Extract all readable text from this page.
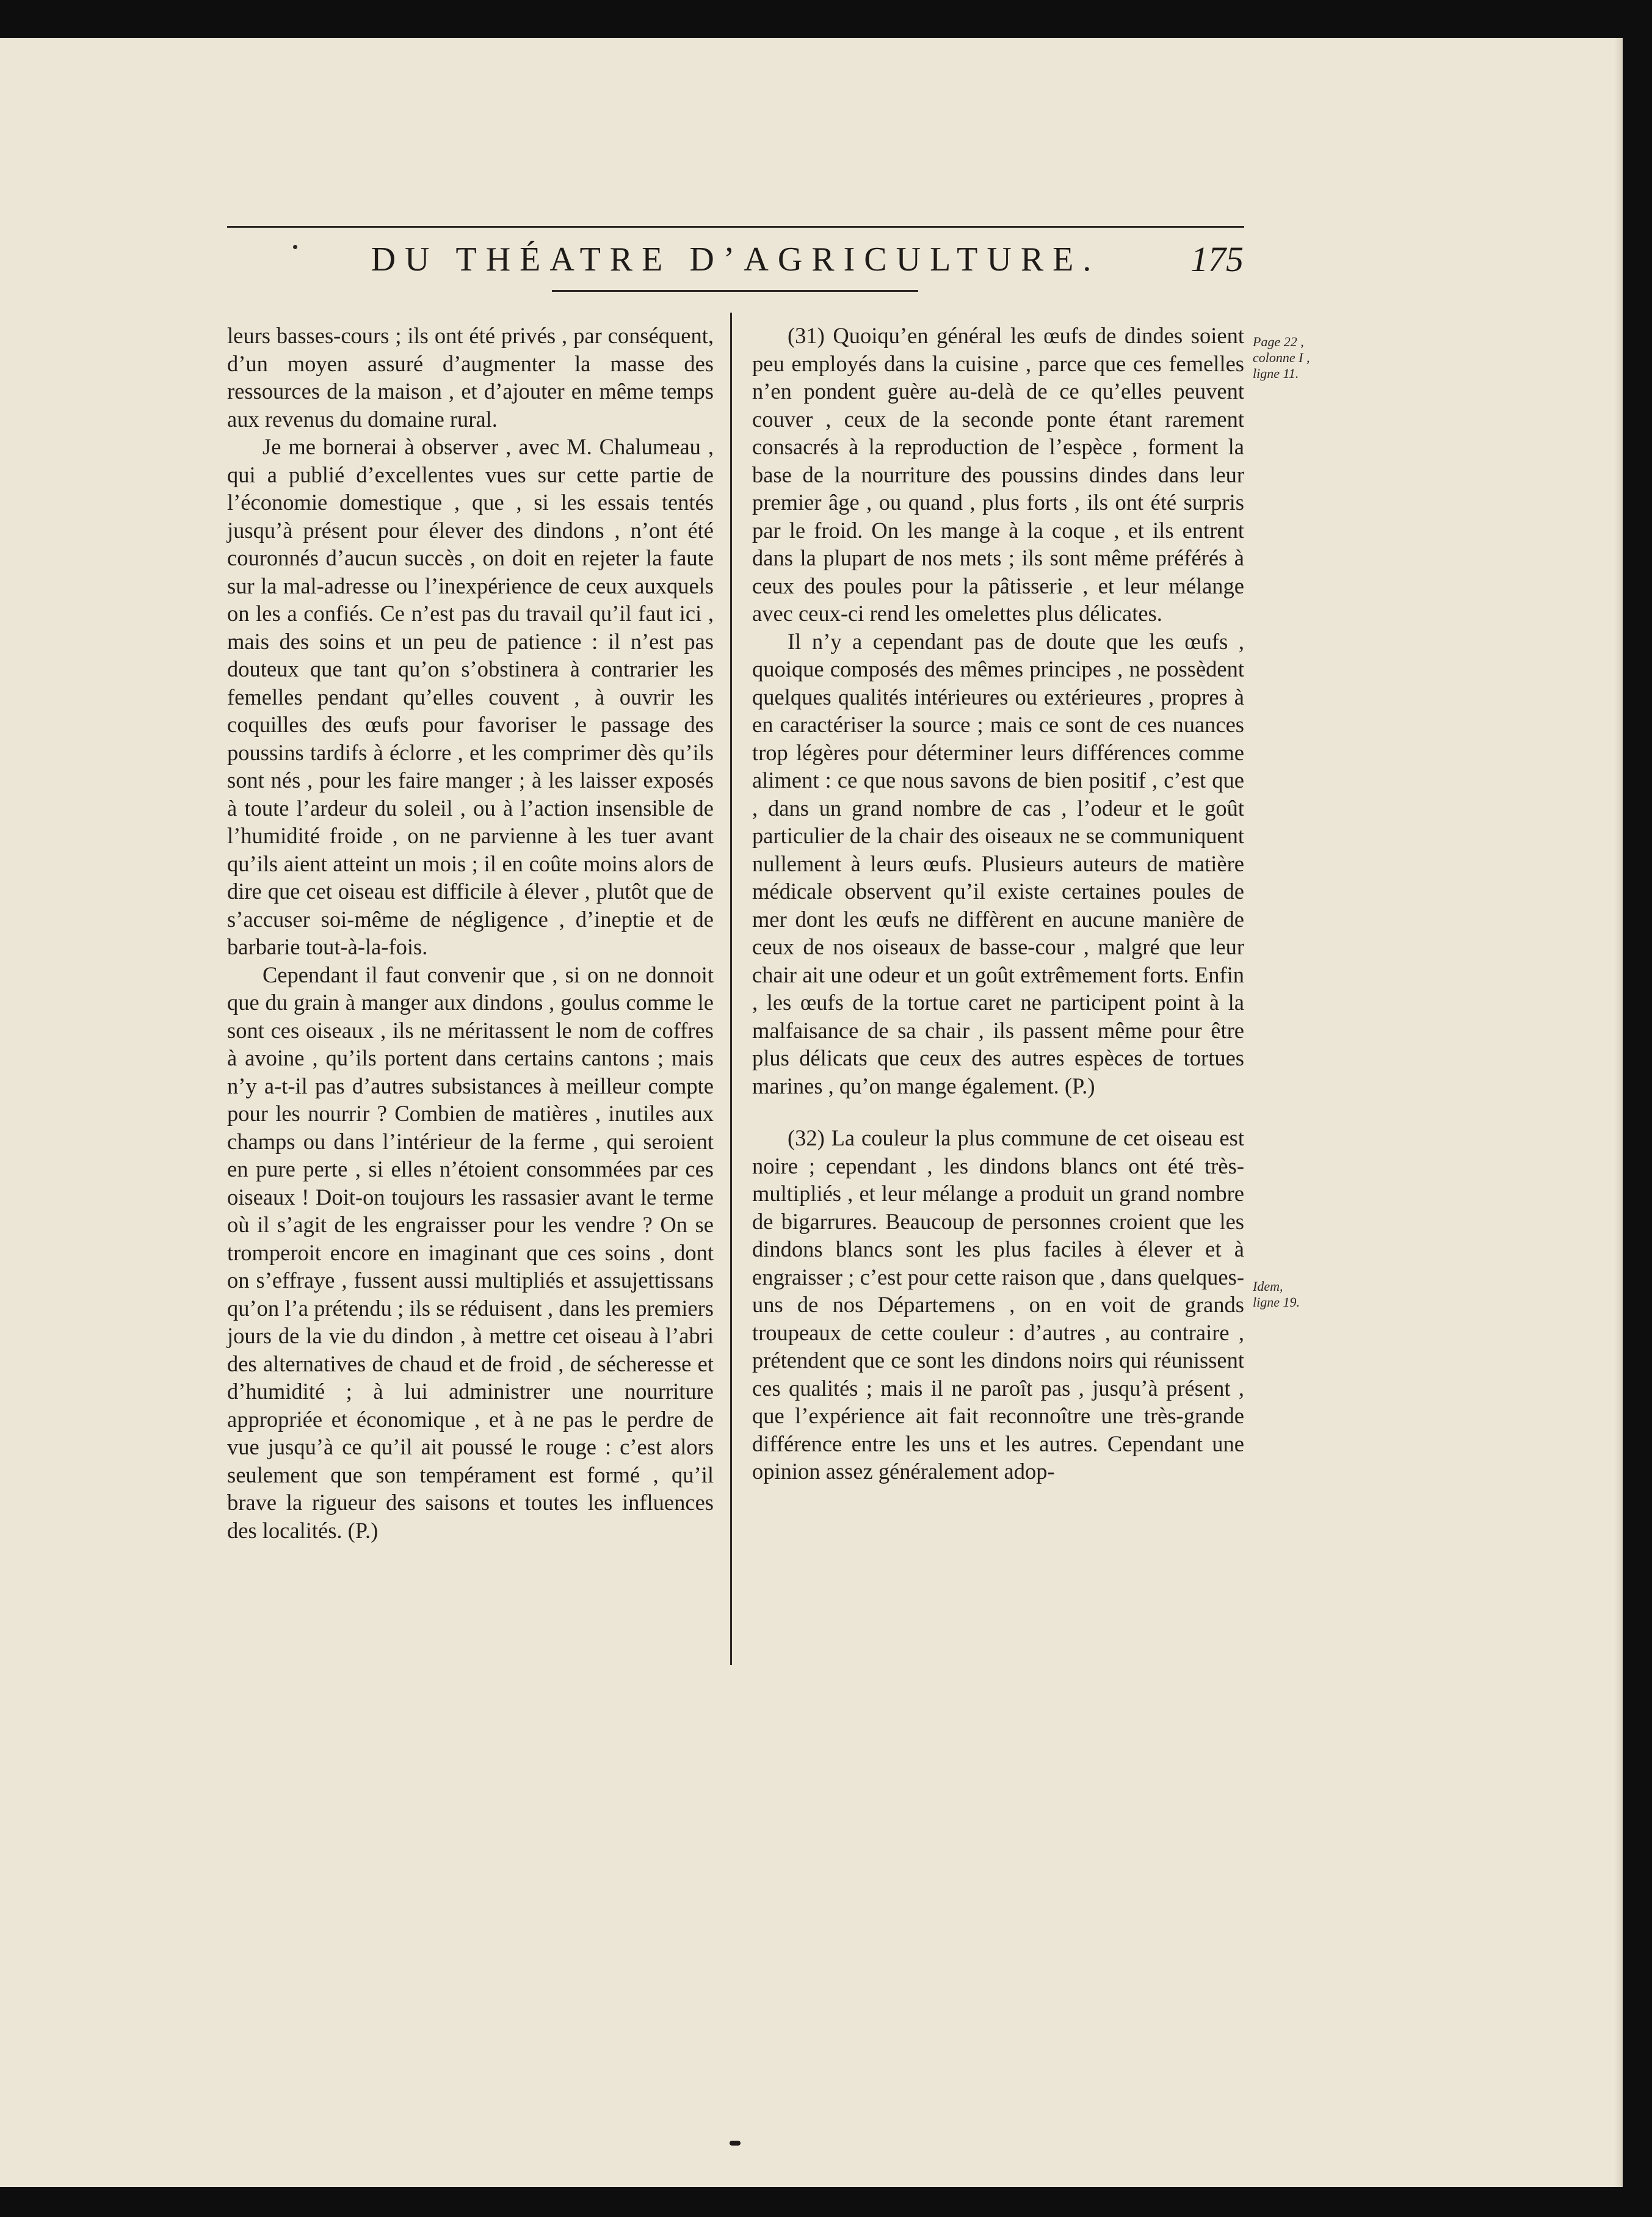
DU THÉATRE D’AGRICULTURE.	175

leurs basses-cours ; ils ont été privés , par conséquent, d’un moyen assuré d’augmenter la masse des ressources de la maison , et d’ajouter en même temps aux revenus du domaine rural.

Je me bornerai à observer , avec M. Chalumeau , qui a publié d’excellentes vues sur cette partie de l’économie domestique , que , si les essais tentés jusqu’à présent pour élever des dindons , n’ont été couronnés d’aucun succès , on doit en rejeter la faute sur la mal-adresse ou l’inexpérience de ceux auxquels on les a confiés. Ce n’est pas du travail qu’il faut ici , mais des soins et un peu de patience : il n’est pas douteux que tant qu’on s’obstinera à contrarier les femelles pendant qu’elles couvent , à ouvrir les coquilles des œufs pour favoriser le passage des poussins tardifs à éclorre , et les comprimer dès qu’ils sont nés , pour les faire manger ; à les laisser exposés à toute l’ardeur du soleil , ou à l’action insensible de l’humidité froide , on ne parvienne à les tuer avant qu’ils aient atteint un mois ; il en coûte moins alors de dire que cet oiseau est difficile à élever , plutôt que de s’accuser soi-même de négligence , d’ineptie et de barbarie tout-à-la-fois.

Cependant il faut convenir que , si on ne donnoit que du grain à manger aux dindons , goulus comme le sont ces oiseaux , ils ne méritassent le nom de coffres à avoine , qu’ils portent dans certains cantons ; mais n’y a-t-il pas d’autres subsistances à meilleur compte pour les nourrir ? Combien de matières , inutiles aux champs ou dans l’intérieur de la ferme , qui seroient en pure perte , si elles n’étoient consommées par ces oiseaux ! Doit-on toujours les rassasier avant le terme où il s’agit de les engraisser pour les vendre ? On se tromperoit encore en imaginant que ces soins , dont on s’effraye , fussent aussi multipliés et assujettissans qu’on l’a prétendu ; ils se réduisent , dans les premiers jours de la vie du dindon , à mettre cet oiseau à l’abri des alternatives de chaud et de froid , de sécheresse et d’humidité ; à lui administrer une nourriture appropriée et économique , et à ne pas le perdre de vue jusqu’à ce qu’il ait poussé le rouge : c’est alors seulement que son tempérament est formé , qu’il brave la rigueur des saisons et toutes les influences des localités. (P.)

(31) Quoiqu’en général les œufs de dindes soient peu employés dans la cuisine , parce que ces femelles n’en pondent guère au-delà de ce qu’elles peuvent couver , ceux de la seconde ponte étant rarement consacrés à la reproduction de l’espèce , forment la base de la nourriture des poussins dindes dans leur premier âge , ou quand , plus forts , ils ont été surpris par le froid. On les mange à la coque , et ils entrent dans la plupart de nos mets ; ils sont même préférés à ceux des poules pour la pâtisserie , et leur mélange avec ceux-ci rend les omelettes plus délicates.

Il n’y a cependant pas de doute que les œufs , quoique composés des mêmes principes , ne possèdent quelques qualités intérieures ou extérieures , propres à en caractériser la source ; mais ce sont de ces nuances trop légères pour déterminer leurs différences comme aliment : ce que nous savons de bien positif , c’est que , dans un grand nombre de cas , l’odeur et le goût particulier de la chair des oiseaux ne se communiquent nullement à leurs œufs. Plusieurs auteurs de matière médicale observent qu’il existe certaines poules de mer dont les œufs ne diffèrent en aucune manière de ceux de nos oiseaux de basse-cour , malgré que leur chair ait une odeur et un goût extrêmement forts. Enfin , les œufs de la tortue caret ne participent point à la malfaisance de sa chair , ils passent même pour être plus délicats que ceux des autres espèces de tortues marines , qu’on mange également. (P.)

(32) La couleur la plus commune de cet oiseau est noire ; cependant , les dindons blancs ont été très-multipliés , et leur mélange a produit un grand nombre de bigarrures. Beaucoup de personnes croient que les dindons blancs sont les plus faciles à élever et à engraisser ; c’est pour cette raison que , dans quelques-uns de nos Départemens , on en voit de grands troupeaux de cette couleur : d’autres , au contraire , prétendent que ce sont les dindons noirs qui réunissent ces qualités ; mais il ne paroît pas , jusqu’à présent , que l’expérience ait fait reconnoître une très-grande différence entre les uns et les autres. Cependant une opinion assez généralement adop-

Page 22 ,
colonne I ,
ligne 11.
Idem,
ligne 19.
